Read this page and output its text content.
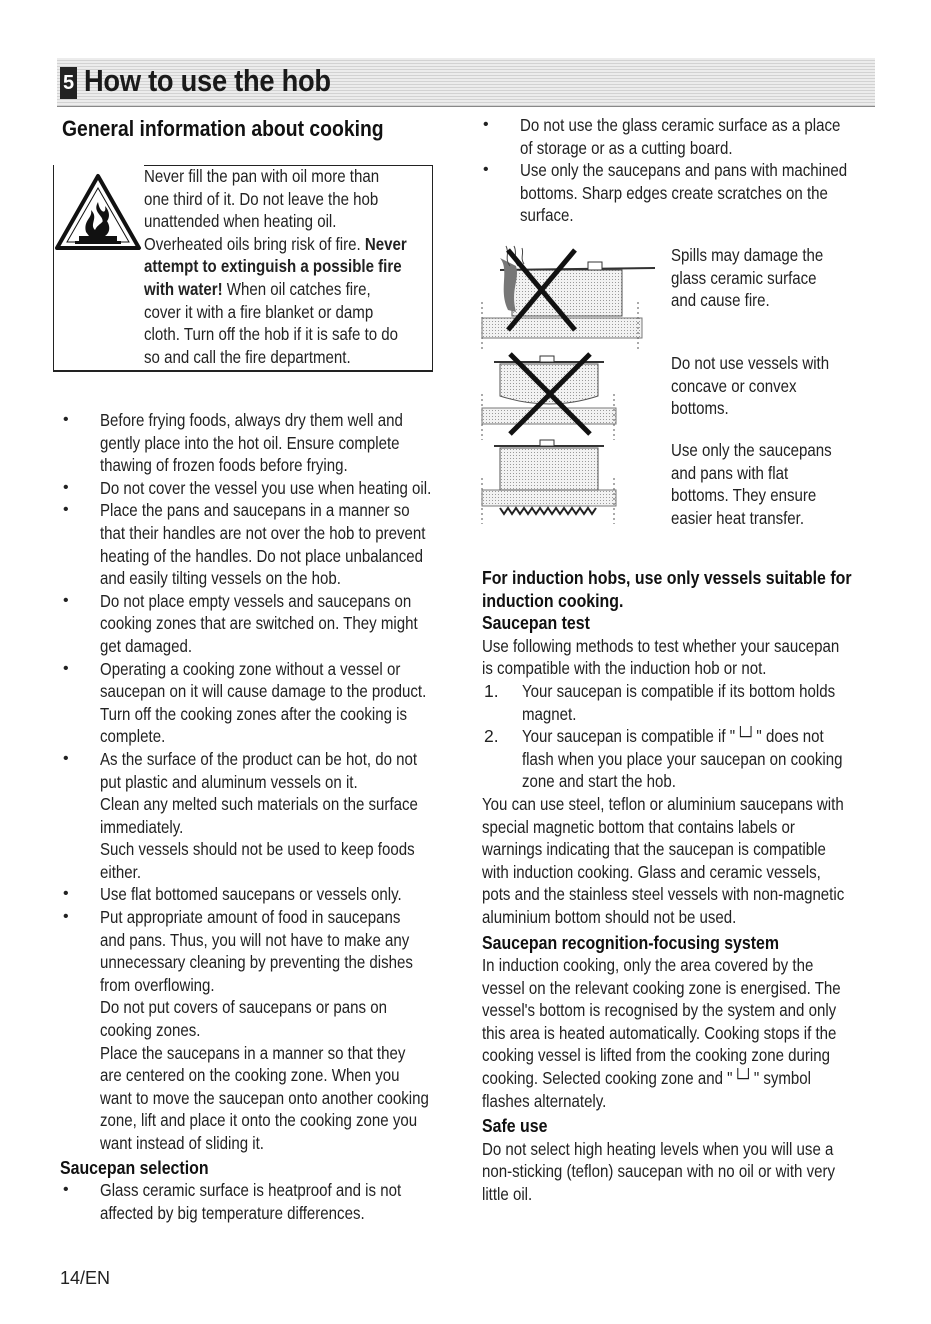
5 How to use the hob
General information about cooking
Never fill the pan with oil more than
one third of it. Do not leave the hob
unattended when heating oil.
Overheated oils bring risk of fire. Never
attempt to extinguish a possible fire
with water! When oil catches fire,
cover it with a fire blanket or damp
cloth. Turn off the hob if it is safe to do
so and call the fire department.
• Before frying foods, always dry them well and
gently place into the hot oil. Ensure complete
thawing of frozen foods before frying.
• Do not cover the vessel you use when heating oil.
• Place the pans and saucepans in a manner so
that their handles are not over the hob to prevent
heating of the handles. Do not place unbalanced
and easily tilting vessels on the hob.
• Do not place empty vessels and saucepans on
cooking zones that are switched on. They might
get damaged.
• Operating a cooking zone without a vessel or
saucepan on it will cause damage to the product.
Turn off the cooking zones after the cooking is
complete.
• As the surface of the product can be hot, do not
put plastic and aluminum vessels on it.
Clean any melted such materials on the surface
immediately.
Such vessels should not be used to keep foods
either.
• Use flat bottomed saucepans or vessels only.
• Put appropriate amount of food in saucepans
and pans. Thus, you will not have to make any
unnecessary cleaning by preventing the dishes
from overflowing.
Do not put covers of saucepans or pans on
cooking zones.
Place the saucepans in a manner so that they
are centered on the cooking zone. When you
want to move the saucepan onto another cooking
zone, lift and place it onto the cooking zone you
want instead of sliding it.
Saucepan selection
• Glass ceramic surface is heatproof and is not
affected by big temperature differences.
• Do not use the glass ceramic surface as a place
of storage or as a cutting board.
• Use only the saucepans and pans with machined
bottoms. Sharp edges create scratches on the
surface.
Spills may damage the
glass ceramic surface
and cause fire.
Do not use vessels with
concave or convex
bottoms.
Use only the saucepans
and pans with flat
bottoms. They ensure
easier heat transfer.
For induction hobs, use only vessels suitable for
induction cooking.
Saucepan test
Use following methods to test whether your saucepan
is compatible with the induction hob or not.
1. Your saucepan is compatible if its bottom holds
magnet.
2. Your saucepan is compatible if "└┘" does not
flash when you place your saucepan on cooking
zone and start the hob.
You can use steel, teflon or aluminium saucepans with
special magnetic bottom that contains labels or
warnings indicating that the saucepan is compatible
with induction cooking. Glass and ceramic vessels,
pots and the stainless steel vessels with non-magnetic
aluminium bottom should not be used.
Saucepan recognition-focusing system
In induction cooking, only the area covered by the
vessel on the relevant cooking zone is energised. The
vessel's bottom is recognised by the system and only
this area is heated automatically. Cooking stops if the
cooking vessel is lifted from the cooking zone during
cooking. Selected cooking zone and "└┘" symbol
flashes alternately.
Safe use
Do not select high heating levels when you will use a
non-sticking (teflon) saucepan with no oil or with very
little oil.
14/EN
